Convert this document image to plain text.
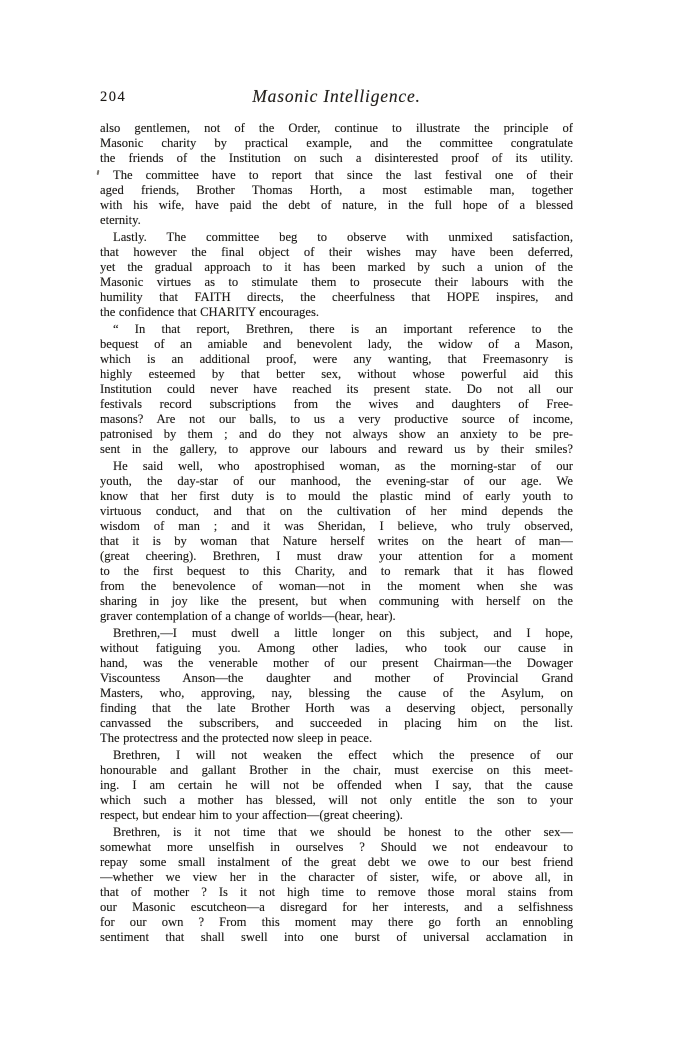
204	Masonic Intelligence.
also gentlemen, not of the Order, continue to illustrate the principle of
Masonic charity by practical example, and the committee congratulate
the friends of the Institution on such a disinterested proof of its utility.
The committee have to report that since the last festival one of their
aged friends, Brother Thomas Horth, a most estimable man, together
with his wife, have paid the debt of nature, in the full hope of a blessed
eternity.
Lastly. The committee beg to observe with unmixed satisfaction,
that however the final object of their wishes may have been deferred,
yet the gradual approach to it has been marked by such a union of the
Masonic virtues as to stimulate them to prosecute their labours with the
humility that FAITH directs, the cheerfulness that HOPE inspires, and
the confidence that CHARITY encourages.
“ In that report, Brethren, there is an important reference to the
bequest of an amiable and benevolent lady, the widow of a Mason,
which is an additional proof, were any wanting, that Freemasonry is
highly esteemed by that better sex, without whose powerful aid this
Institution could never have reached its present state. Do not all our
festivals record subscriptions from the wives and daughters of Free-
masons? Are not our balls, to us a very productive source of income,
patronised by them ; and do they not always show an anxiety to be pre-
sent in the gallery, to approve our labours and reward us by their smiles?
He said well, who apostrophised woman, as the morning-star of our
youth, the day-star of our manhood, the evening-star of our age. We
know that her first duty is to mould the plastic mind of early youth to
virtuous conduct, and that on the cultivation of her mind depends the
wisdom of man ; and it was Sheridan, I believe, who truly observed,
that it is by woman that Nature herself writes on the heart of man—
(great cheering). Brethren, I must draw your attention for a moment
to the first bequest to this Charity, and to remark that it has flowed
from the benevolence of woman—not in the moment when she was
sharing in joy like the present, but when communing with herself on the
graver contemplation of a change of worlds—(hear, hear).
Brethren,—I must dwell a little longer on this subject, and I hope,
without fatiguing you. Among other ladies, who took our cause in
hand, was the venerable mother of our present Chairman—the Dowager
Viscountess Anson—the daughter and mother of Provincial Grand
Masters, who, approving, nay, blessing the cause of the Asylum, on
finding that the late Brother Horth was a deserving object, personally
canvassed the subscribers, and succeeded in placing him on the list.
The protectress and the protected now sleep in peace.
Brethren, I will not weaken the effect which the presence of our
honourable and gallant Brother in the chair, must exercise on this meet-
ing. I am certain he will not be offended when I say, that the cause
which such a mother has blessed, will not only entitle the son to your
respect, but endear him to your affection—(great cheering).
Brethren, is it not time that we should be honest to the other sex—
somewhat more unselfish in ourselves ? Should we not endeavour to
repay some small instalment of the great debt we owe to our best friend
—whether we view her in the character of sister, wife, or above all, in
that of mother ? Is it not high time to remove those moral stains from
our Masonic escutcheon—a disregard for her interests, and a selfishness
for our own ? From this moment may there go forth an ennobling
sentiment that shall swell into one burst of universal acclamation in
